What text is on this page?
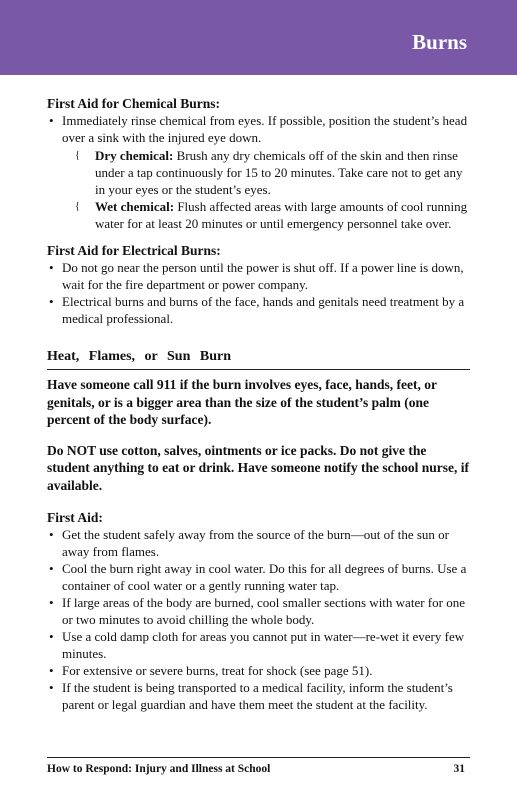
Burns

First Aid for Chemical Burns:

• Immediately rinse chemical from eyes. If possible, position the student’s head over a sink with the injured eye down.
{ Dry chemical: Brush any dry chemicals off of the skin and then rinse under a tap continuously for 15 to 20 minutes. Take care not to get any in your eyes or the student’s eyes.
{ Wet chemical: Flush affected areas with large amounts of cool running water for at least 20 minutes or until emergency personnel take over.

First Aid for Electrical Burns:

• Do not go near the person until the power is shut off. If a power line is down, wait for the fire department or power company.
• Electrical burns and burns of the face, hands and genitals need treatment by a medical professional.
Heat, Flames, or Sun Burn

Have someone call 911 if the burn involves eyes, face, hands, feet, or genitals, or is a bigger area than the size of the student’s palm (one percent of the body surface).

Do NOT use cotton, salves, ointments or ice packs. Do not give the student anything to eat or drink. Have someone notify the school nurse, if available.

First Aid:

• Get the student safely away from the source of the burn—out of the sun or away from flames.
• Cool the burn right away in cool water. Do this for all degrees of burns. Use a container of cool water or a gently running water tap.
• If large areas of the body are burned, cool smaller sections with water for one or two minutes to avoid chilling the whole body.
• Use a cold damp cloth for areas you cannot put in water—re-wet it every few minutes.
• For extensive or severe burns, treat for shock (see page 51).
• If the student is being transported to a medical facility, inform the student’s parent or legal guardian and have them meet the student at the facility.
How to Respond: Injury and Illness at School	31
